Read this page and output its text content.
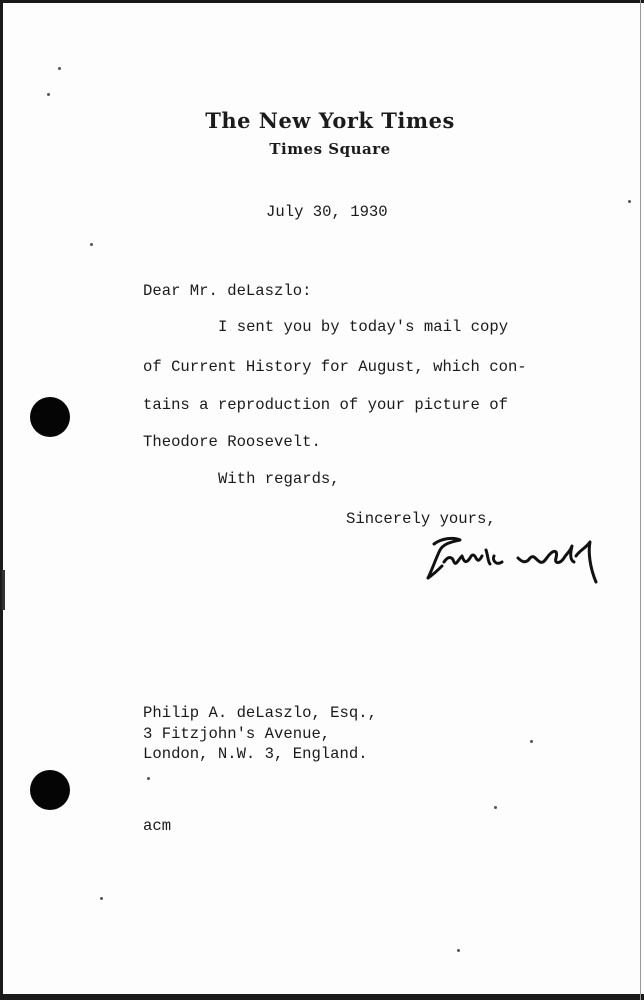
The New York Times
Times Square
July 30, 1930
Dear Mr. deLaszlo:
I sent you by today's mail copy
of Current History for August, which con-
tains a reproduction of your picture of
Theodore Roosevelt.
With regards,
Sincerely yours,
Philip A. deLaszlo, Esq.,
3 Fitzjohn's Avenue,
London, N.W. 3, England.
acm
